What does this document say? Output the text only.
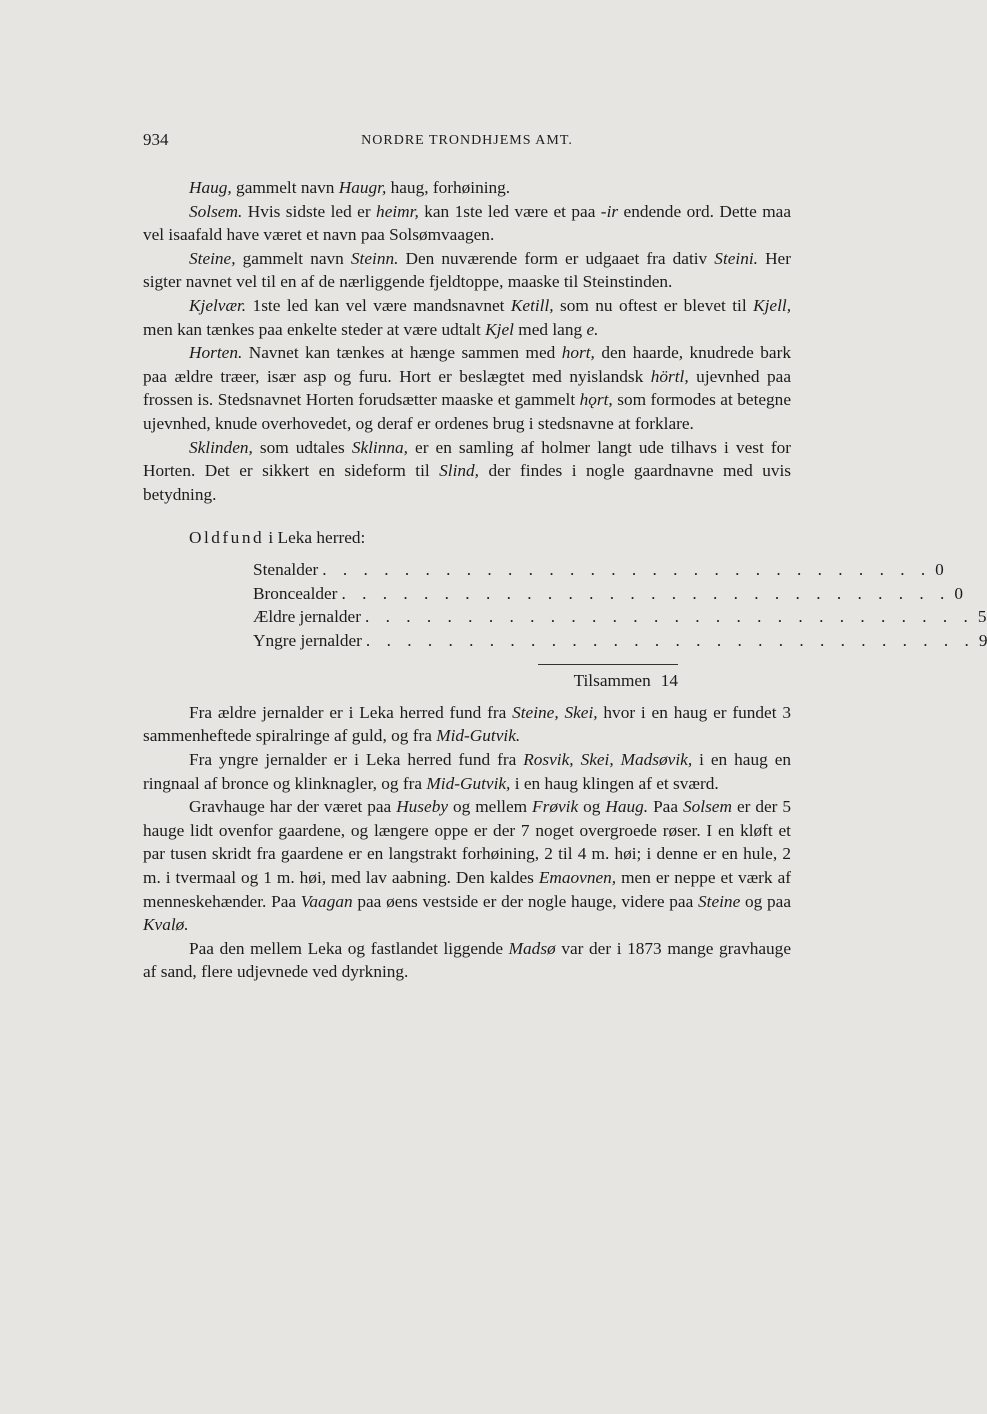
934	NORDRE TRONDHJEMS AMT.

Haug, gammelt navn Haugr, haug, forhøining.

Solsem. Hvis sidste led er heimr, kan 1ste led være et paa -ir endende ord. Dette maa vel isaafald have været et navn paa Solsømvaagen.

Steine, gammelt navn Steinn. Den nuværende form er udgaaet fra dativ Steini. Her sigter navnet vel til en af de nærliggende fjeldtoppe, maaske til Steinstinden.

Kjelvær. 1ste led kan vel være mandsnavnet Ketill, som nu oftest er blevet til Kjell, men kan tænkes paa enkelte steder at være udtalt Kjel med lang e.

Horten. Navnet kan tænkes at hænge sammen med hort, den haarde, knudrede bark paa ældre træer, især asp og furu. Hort er beslægtet med nyislandsk hörtl, ujevnhed paa frossen is. Stedsnavnet Horten forudsætter maaske et gammelt hǫrt, som formodes at betegne ujevnhed, knude overhovedet, og deraf er ordenes brug i stedsnavne at forklare.

Sklinden, som udtales Sklinna, er en samling af holmer langt ude tilhavs i vest for Horten. Det er sikkert en sideform til Slind, der findes i nogle gaardnavne med uvis betydning.

Oldfund i Leka herred:
Stenalder . . . . . . . . . . . . . . . . . . . . . . . . . . . . . . 0
Broncealder . . . . . . . . . . . . . . . . . . . . . . . . . . . . . . 0
Ældre jernalder . . . . . . . . . . . . . . . . . . . . . . . . . . . . . . 5
Yngre jernalder . . . . . . . . . . . . . . . . . . . . . . . . . . . . . . 9
Tilsammen 14

Fra ældre jernalder er i Leka herred fund fra Steine, Skei, hvor i en haug er fundet 3 sammenheftede spiralringe af guld, og fra Mid-Gutvik.

Fra yngre jernalder er i Leka herred fund fra Rosvik, Skei, Madsøvik, i en haug en ringnaal af bronce og klinknagler, og fra Mid-Gutvik, i en haug klingen af et sværd.

Gravhauge har der været paa Huseby og mellem Frøvik og Haug. Paa Solsem er der 5 hauge lidt ovenfor gaardene, og længere oppe er der 7 noget overgroede røser. I en kløft et par tusen skridt fra gaardene er en langstrakt forhøining, 2 til 4 m. høi; i denne er en hule, 2 m. i tvermaal og 1 m. høi, med lav aabning. Den kaldes Emaovnen, men er neppe et værk af menneskehænder. Paa Vaagan paa øens vestside er der nogle hauge, videre paa Steine og paa Kvalø.

Paa den mellem Leka og fastlandet liggende Madsø var der i 1873 mange gravhauge af sand, flere udjevnede ved dyrkning.
